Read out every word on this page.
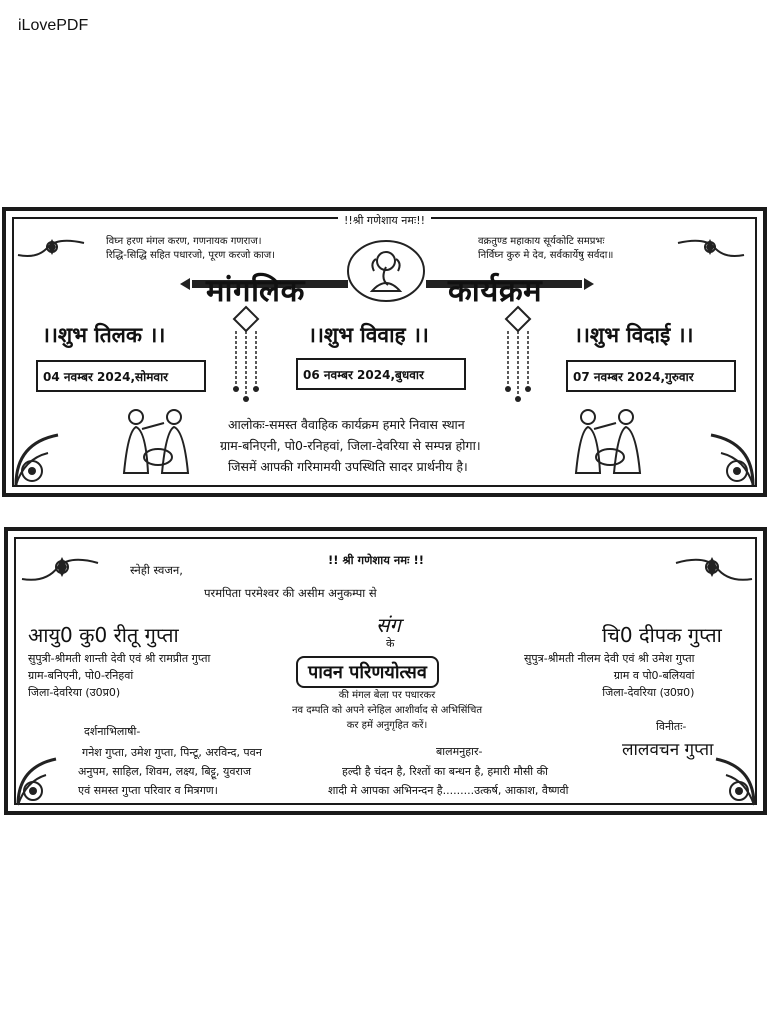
iLovePDF
!!श्री गणेशाय नमः!!
विघ्न हरण मंगल करण, गणनायक गणराज।
रिद्धि-सिद्धि सहित पधारजो, पूरण करजो काज।
वक्रतुण्ड महाकाय सूर्यकोटि समप्रभः
निर्विघ्न कुरु मे देव, सर्वकार्येषु सर्वदा॥
मांगलिक	कार्यक्रम
।।शुभ तिलक ।।	।।शुभ विवाह ।।	।।शुभ विदाई ।।
04 नवम्बर 2024,सोमवार	06 नवम्बर 2024,बुधवार	07 नवम्बर 2024,गुरुवार
आलोकः-समस्त वैवाहिक कार्यक्रम हमारे निवास स्थान
ग्राम-बनिएनी, पो0-रनिहवां, जिला-देवरिया से सम्पन्न होगा।
जिसमें आपकी गरिमामयी उपस्थिति सादर प्रार्थनीय है।
!! श्री गणेशाय नमः !!
स्नेही स्वजन,
परमपिता परमेश्वर की असीम अनुकम्पा से
आयु0 कु0 रीतू गुप्ता
सुपुत्री-श्रीमती शान्ती देवी एवं श्री रामप्रीत गुप्ता
ग्राम-बनिएनी, पो0-रनिहवां
जिला-देवरिया (उ0प्र0)
चि0 दीपक गुप्ता
सुपुत्र-श्रीमती नीलम देवी एवं श्री उमेश गुप्ता
ग्राम व पो0-बलियवां
जिला-देवरिया (उ0प्र0)
संग
के
पावन परिणयोत्सव
की मंगल बेला पर पधारकर
नव दम्पति को अपने स्नेहिल आशीर्वाद से अभिसिंचित
कर हमें अनुगृहित करें।
दर्शनाभिलाषी-
गनेश गुप्ता, उमेश गुप्ता, पिन्टू, अरविन्द, पवन
अनुपम, साहिल, शिवम, लक्ष्य, बिट्टू, युवराज
एवं समस्त गुप्ता परिवार व मित्रगण।
बालमनुहार-
हल्दी है चंदन है, रिश्तों का बन्धन है, हमारी मौसी की
शादी मे आपका अभिनन्दन है.........उत्कर्ष, आकाश, वैष्णवी
विनीतः-
लालवचन गुप्ता
